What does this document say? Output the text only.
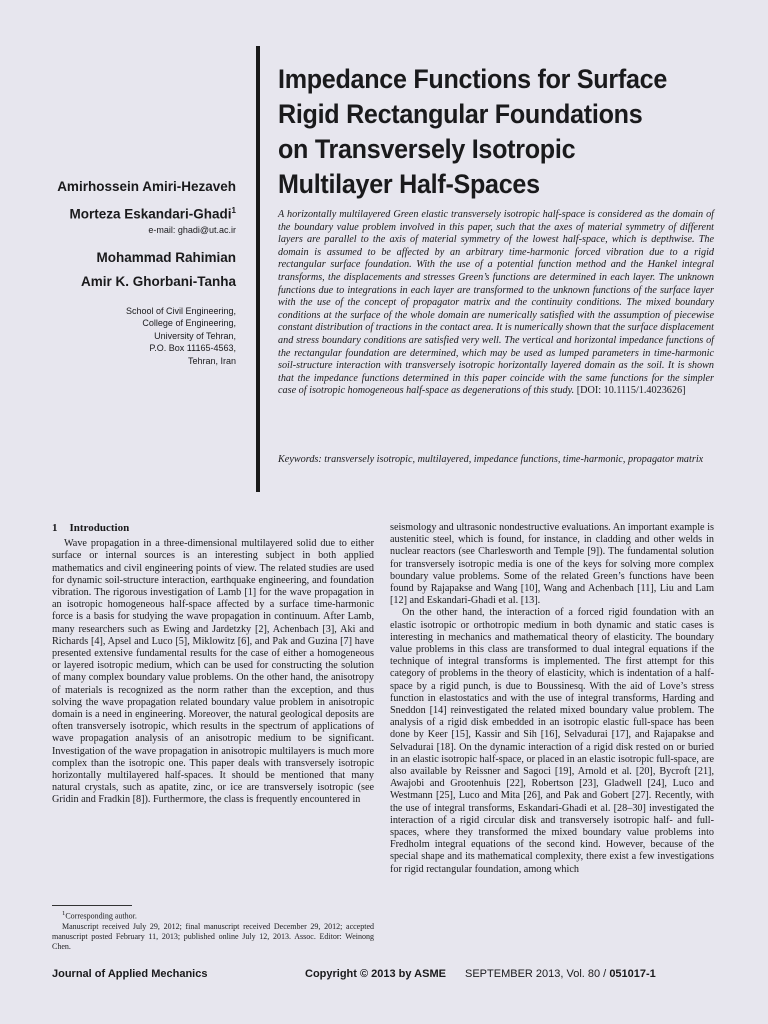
Impedance Functions for Surface
Rigid Rectangular Foundations
on Transversely Isotropic
Multilayer Half-Spaces
Amirhossein Amiri-Hezaveh
Morteza Eskandari-Ghadi$^1$
e-mail: ghadi@ut.ac.ir
Mohammad Rahimian
Amir K. Ghorbani-Tanha
School of Civil Engineering,
College of Engineering,
University of Tehran,
P.O. Box 11165-4563,
Tehran, Iran
A horizontally multilayered Green elastic transversely isotropic half-space is considered as the domain of the boundary value problem involved in this paper, such that the axes of material symmetry of different layers are parallel to the axis of material symmetry of the lowest half-space, which is depthwise. The domain is assumed to be affected by an arbitrary time-harmonic forced vibration due to a rigid rectangular surface foundation. With the use of a potential function method and the Hankel integral transforms, the displacements and stresses Green’s functions are determined in each layer. The unknown functions due to integrations in each layer are transformed to the unknown functions of the surface layer with the use of the concept of propagator matrix and the continuity conditions. The mixed boundary conditions at the surface of the whole domain are numerically satisfied with the assumption of piecewise constant distribution of tractions in the contact area. It is numerically shown that the surface displacement and stress boundary conditions are satisfied very well. The vertical and horizontal impedance functions of the rectangular foundation are determined, which may be used as lumped parameters in time-harmonic soil-structure interaction with transversely isotropic horizontally layered domain as the soil. It is shown that the impedance functions determined in this paper coincide with the same functions for the simpler case of isotropic homogeneous half-space as degenerations of this study. [DOI: 10.1115/1.4023626]
Keywords: transversely isotropic, multilayered, impedance functions, time-harmonic, propagator matrix
1 Introduction

Wave propagation in a three-dimensional multilayered solid due to either surface or internal sources is an interesting subject in both applied mathematics and civil engineering points of view. The related studies are used for dynamic soil-structure interaction, earthquake engineering, and foundation vibration. The rigorous investigation of Lamb [1] for the wave propagation in an isotropic homogeneous half-space affected by a surface time-harmonic force is a basis for studying the wave propagation in continuum. After Lamb, many researchers such as Ewing and Jardetzky [2], Achenbach [3], Aki and Richards [4], Apsel and Luco [5], Miklowitz [6], and Pak and Guzina [7] have presented extensive fundamental results for the case of either a homogeneous or layered isotropic medium, which can be used for constructing the solution of many complex boundary value problems. On the other hand, the anisotropy of materials is recognized as the norm rather than the exception, and thus solving the wave propagation related boundary value problem in anisotropic domain is a need in engineering. Moreover, the natural geological deposits are often transversely isotropic, which results in the spectrum of applications of wave propagation analysis of an anisotropic medium to be significant. Investigation of the wave propagation in anisotropic multilayers is much more complex than the isotropic one. This paper deals with transversely isotropic horizontally multilayered half-spaces. It should be mentioned that many natural crystals, such as apatite, zinc, or ice are transversely isotropic (see Gridin and Fradkin [8]). Furthermore, the class is frequently encountered in

seismology and ultrasonic nondestructive evaluations. An important example is austenitic steel, which is found, for instance, in cladding and other welds in nuclear reactors (see Charlesworth and Temple [9]). The fundamental solution for transversely isotropic media is one of the keys for solving more complex boundary value problems. Some of the related Green’s functions have been found by Rajapakse and Wang [10], Wang and Achenbach [11], Liu and Lam [12] and Eskandari-Ghadi et al. [13].

On the other hand, the interaction of a forced rigid foundation with an elastic isotropic or orthotropic medium in both dynamic and static cases is interesting in mechanics and mathematical theory of elasticity. The boundary value problems in this class are transformed to dual integral equations if the technique of integral transforms is implemented. The first attempt for this category of problems in the theory of elasticity, which is indentation of a half-space by a rigid punch, is due to Boussinesq. With the aid of Love’s stress function in elastostatics and with the use of integral transforms, Harding and Sneddon [14] reinvestigated the related mixed boundary value problem. The analysis of a rigid disk embedded in an isotropic elastic full-space has been done by Keer [15], Kassir and Sih [16], Selvadurai [17], and Rajapakse and Selvadurai [18]. On the dynamic interaction of a rigid disk rested on or buried in an elastic isotropic half-space, or placed in an elastic isotropic full-space, are also available by Reissner and Sagoci [19], Arnold et al. [20], Bycroft [21], Awajobi and Grootenhuis [22], Robertson [23], Gladwell [24], Luco and Westmann [25], Luco and Mita [26], and Pak and Gobert [27]. Recently, with the use of integral transforms, Eskandari-Ghadi et al. [28–30] investigated the interaction of a rigid circular disk and transversely isotropic half- and full-spaces, where they transformed the mixed boundary value problems into Fredholm integral equations of the second kind. However, because of the special shape and its mathematical complexity, there exist a few investigations for rigid rectangular foundation, among which

$^1$Corresponding author.

Manuscript received July 29, 2012; final manuscript received December 29, 2012; accepted manuscript posted February 11, 2013; published online July 12, 2013. Assoc. Editor: Weinong Chen.

Journal of Applied Mechanics	Copyright © 2013 by ASME SEPTEMBER 2013, Vol. 80 / 051017-1
